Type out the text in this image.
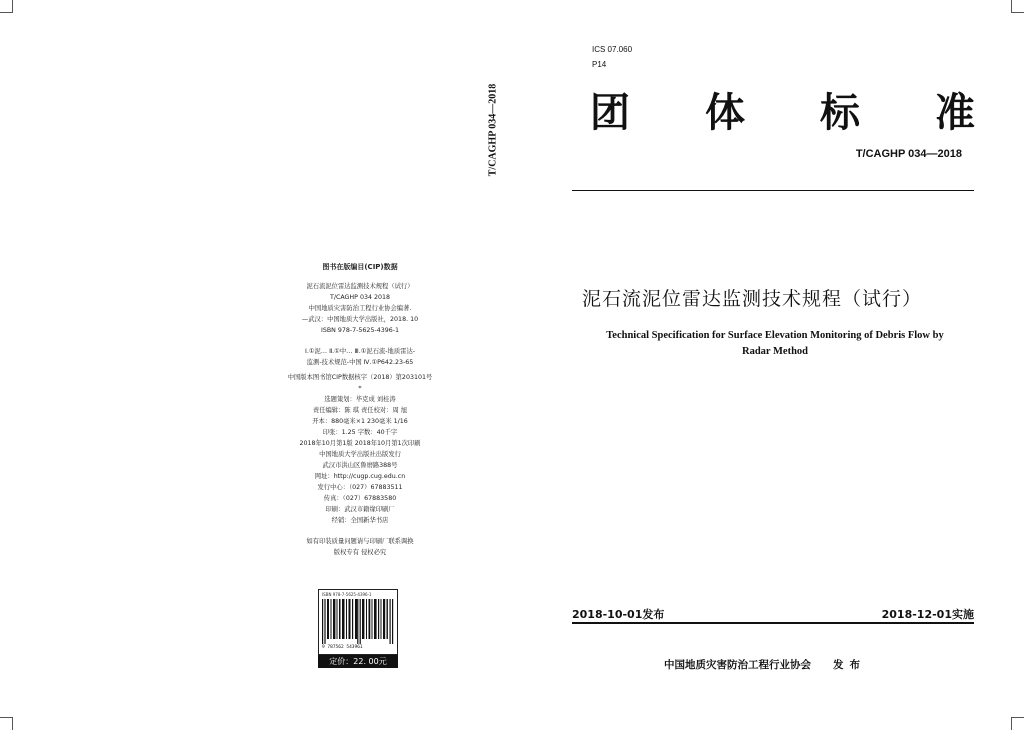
T/CAGHP 034—2018
图书在版编目(CIP)数据
泥石流泥位雷达监测技术规程（试行）
T/CAGHP 034 2018
中国地质灾害防治工程行业协会编著.
—武汉：中国地质大学出版社，2018. 10
ISBN 978-7-5625-4396-1
Ⅰ.①泥… Ⅱ.①中… Ⅲ.①泥石流-地质雷达-
监测-技术规范-中国 Ⅳ.①P642.23-65
中国版本图书馆CIP数据核字（2018）第203101号
*
选题策划：毕克成 刘桂涛
责任编辑：陈 琪 责任校对：周 旭
开本：880毫米×1 230毫米 1/16
印张：1.25 字数：40千字
2018年10月第1版 2018年10月第1次印刷
中国地质大学出版社出版发行
武汉市洪山区鲁磨路388号
网址：http://cugp.cug.edu.cn
发行中心：（027）67883511
传真：（027）67883580
印刷：武汉市籍缘印刷厂
经销：全国新华书店
如有印装质量问题请与印刷厂联系调换
版权专有 侵权必究
ISBN 978-7-5625-4396-1
9 787562 543961
定价：22. 00元
ICS 07.060
P14
团 体 标 准
T/CAGHP 034—2018
泥石流泥位雷达监测技术规程（试行）
Technical Specification for Surface Elevation Monitoring of Debris Flow by
Radar Method
2018-10-01发布	2018-12-01实施
中国地质灾害防治工程行业协会 发布
